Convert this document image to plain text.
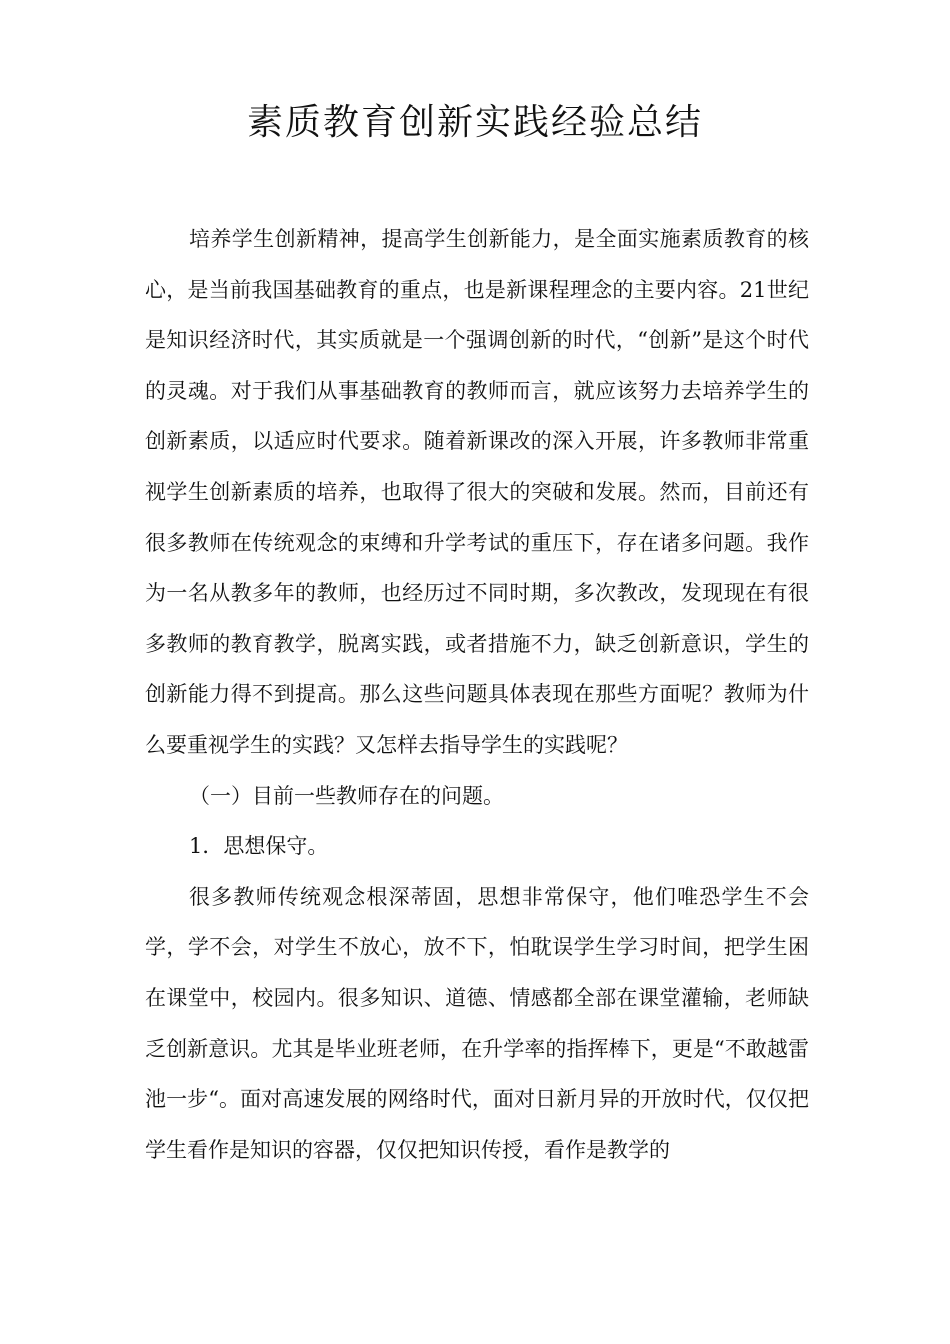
素质教育创新实践经验总结

培养学生创新精神，提高学生创新能力，是全面实施素质教育的核心，是当前我国基础教育的重点，也是新课程理念的主要内容。21世纪是知识经济时代，其实质就是一个强调创新的时代，“创新”是这个时代的灵魂。对于我们从事基础教育的教师而言，就应该努力去培养学生的创新素质，以适应时代要求。随着新课改的深入开展，许多教师非常重视学生创新素质的培养，也取得了很大的突破和发展。然而，目前还有很多教师在传统观念的束缚和升学考试的重压下，存在诸多问题。我作为一名从教多年的教师，也经历过不同时期，多次教改，发现现在有很多教师的教育教学，脱离实践，或者措施不力，缺乏创新意识，学生的创新能力得不到提高。那么这些问题具体表现在那些方面呢？教师为什么要重视学生的实践？又怎样去指导学生的实践呢？

（一）目前一些教师存在的问题。

1．思想保守。

很多教师传统观念根深蒂固，思想非常保守，他们唯恐学生不会学，学不会，对学生不放心，放不下，怕耽误学生学习时间，把学生困在课堂中，校园内。很多知识、道德、情感都全部在课堂灌输，老师缺乏创新意识。尤其是毕业班老师，在升学率的指挥棒下，更是“不敢越雷池一步“。面对高速发展的网络时代，面对日新月异的开放时代，仅仅把学生看作是知识的容器，仅仅把知识传授，看作是教学的
